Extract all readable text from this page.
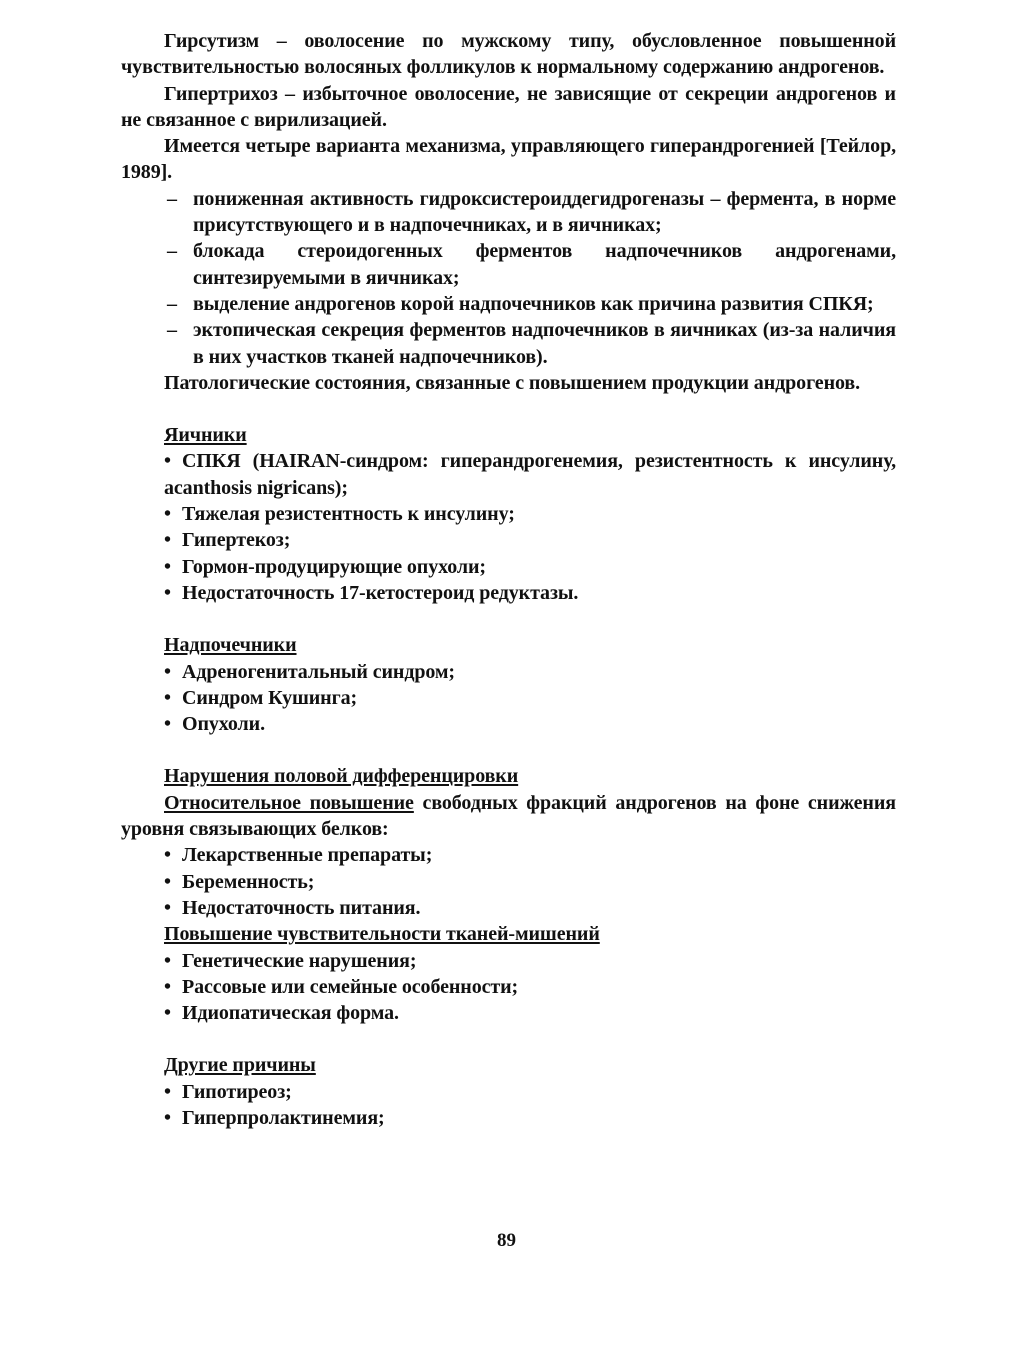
Гирсутизм – оволосение по мужскому типу, обусловленное повышенной чувствительностью волосяных фолликулов к нормальному содержанию андрогенов.

Гипертрихоз – избыточное оволосение, не зависящие от секреции андрогенов и не связанное с вирилизацией.

Имеется четыре варианта механизма, управляющего гиперандрогенией [Тейлор, 1989].

– пониженная активность гидроксистероиддегидрогеназы – фермента, в норме присутствующего и в надпочечниках, и в яичниках;
– блокада стероидогенных ферментов надпочечников андрогенами, синтезируемыми в яичниках;
– выделение андрогенов корой надпочечников как причина развития СПКЯ;
– эктопическая секреция ферментов надпочечников в яичниках (из-за наличия в них участков тканей надпочечников).

Патологические состояния, связанные с повышением продукции андрогенов.

Яичники

• СПКЯ (HAIRAN-синдром: гиперандрогенемия, резистентность к инсулину, acanthosis nigricans);
• Тяжелая резистентность к инсулину;
• Гипертекоз;
• Гормон-продуцирующие опухоли;
• Недостаточность 17-кетостероид редуктазы.

Надпочечники

• Адреногенитальный синдром;
• Синдром Кушинга;
• Опухоли.

Нарушения половой дифференцировки

Относительное повышение свободных фракций андрогенов на фоне снижения уровня связывающих белков:

• Лекарственные препараты;
• Беременность;
• Недостаточность питания.

Повышение чувствительности тканей-мишений

• Генетические нарушения;
• Рассовые или семейные особенности;
• Идиопатическая форма.

Другие причины

• Гипотиреоз;
• Гиперпролактинемия;
89
